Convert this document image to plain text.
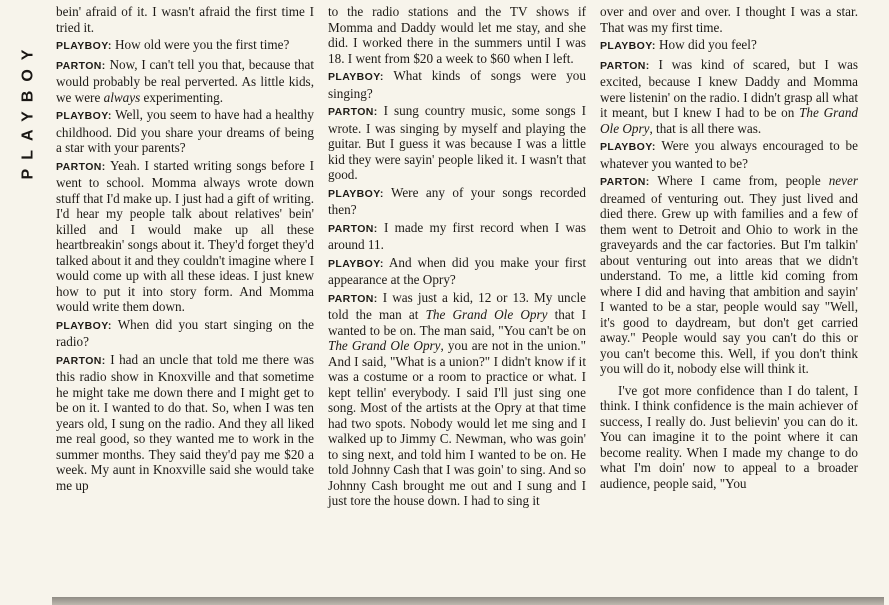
PLAYBOY

bein' afraid of it. I wasn't afraid the first time I tried it.

PLAYBOY: How old were you the first time?

PARTON: Now, I can't tell you that, because that would probably be real perverted. As little kids, we were always experimenting.

PLAYBOY: Well, you seem to have had a healthy childhood. Did you share your dreams of being a star with your parents?

PARTON: Yeah. I started writing songs before I went to school. Momma always wrote down stuff that I'd make up. I just had a gift of writing. I'd hear my people talk about relatives' bein' killed and I would make up all these heartbreakin' songs about it. They'd forget they'd talked about it and they couldn't imagine where I would come up with all these ideas. I just knew how to put it into story form. And Momma would write them down.

PLAYBOY: When did you start singing on the radio?

PARTON: I had an uncle that told me there was this radio show in Knoxville and that sometime he might take me down there and I might get to be on it. I wanted to do that. So, when I was ten years old, I sung on the radio. And they all liked me real good, so they wanted me to work in the summer months. They said they'd pay me $20 a week. My aunt in Knoxville said she would take me up

to the radio stations and the TV shows if Momma and Daddy would let me stay, and she did. I worked there in the summers until I was 18. I went from $20 a week to $60 when I left.

PLAYBOY: What kinds of songs were you singing?

PARTON: I sung country music, some songs I wrote. I was singing by myself and playing the guitar. But I guess it was because I was a little kid they were sayin' people liked it. I wasn't that good.

PLAYBOY: Were any of your songs recorded then?

PARTON: I made my first record when I was around 11.

PLAYBOY: And when did you make your first appearance at the Opry?

PARTON: I was just a kid, 12 or 13. My uncle told the man at The Grand Ole Opry that I wanted to be on. The man said, "You can't be on The Grand Ole Opry, you are not in the union." And I said, "What is a union?" I didn't know if it was a costume or a room to practice or what. I kept tellin' everybody. I said I'll just sing one song. Most of the artists at the Opry at that time had two spots. Nobody would let me sing and I walked up to Jimmy C. Newman, who was goin' to sing next, and told him I wanted to be on. He told Johnny Cash that I was goin' to sing. And so Johnny Cash brought me out and I sung and I just tore the house down. I had to sing it

over and over and over. I thought I was a star. That was my first time.

PLAYBOY: How did you feel?

PARTON: I was kind of scared, but I was excited, because I knew Daddy and Momma were listenin' on the radio. I didn't grasp all what it meant, but I knew I had to be on The Grand Ole Opry, that is all there was.

PLAYBOY: Were you always encouraged to be whatever you wanted to be?

PARTON: Where I came from, people never dreamed of venturing out. They just lived and died there. Grew up with families and a few of them went to Detroit and Ohio to work in the graveyards and the car factories. But I'm talkin' about venturing out into areas that we didn't understand. To me, a little kid coming from where I did and having that ambition and sayin' I wanted to be a star, people would say "Well, it's good to daydream, but don't get carried away." People would say you can't do this or you can't become this. Well, if you don't think you will do it, nobody else will think it.

I've got more confidence than I do talent, I think. I think confidence is the main achiever of success, I really do. Just believin' you can do it. You can imagine it to the point where it can become reality. When I made my change to do what I'm doin' now to appeal to a broader audience, people said, "You
